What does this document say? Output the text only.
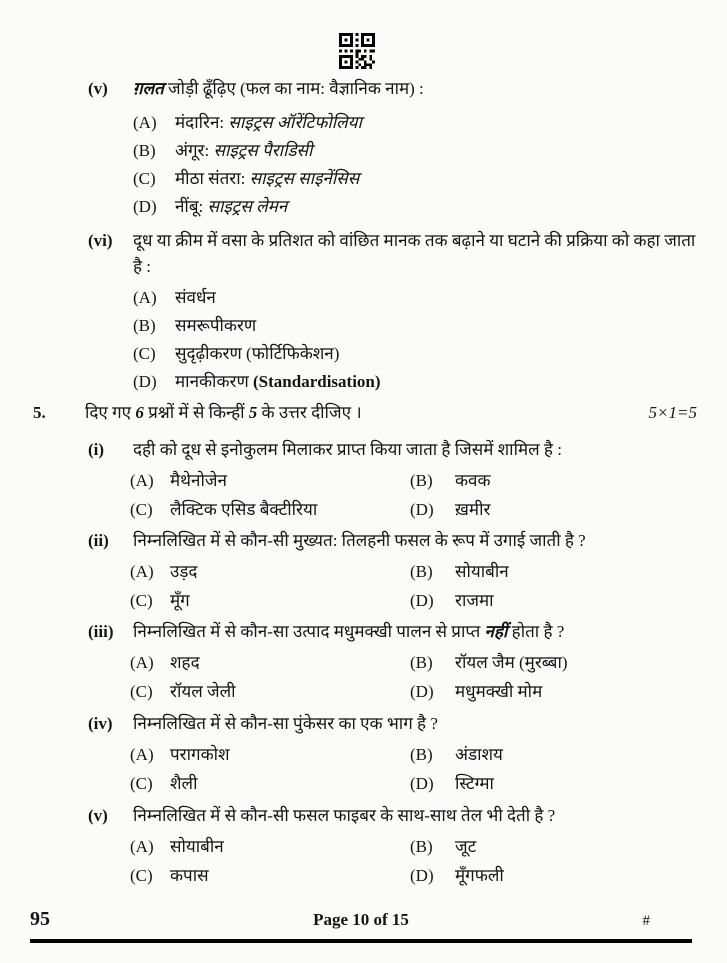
(v)	ग़लत जोड़ी ढूँढ़िए (फल का नाम: वैज्ञानिक नाम) :
(A)	मंदारिन: साइट्रस ऑरेंटिफोलिया
(B)	अंगूर: साइट्रस पैराडिसी
(C)	मीठा संतरा: साइट्रस साइनेंसिस
(D)	नींबू: साइट्रस लेमन
(vi)	दूध या क्रीम में वसा के प्रतिशत को वांछित मानक तक बढ़ाने या घटाने की प्रक्रिया को कहा जाता है :
(A)	संवर्धन
(B)	समरूपीकरण
(C)	सुदृढ़ीकरण (फोर्टिफिकेशन)
(D)	मानकीकरण (Standardisation)
5.	दिए गए 6 प्रश्नों में से किन्हीं 5 के उत्तर दीजिए ।	5×1=5
(i)	दही को दूध से इनोकुलम मिलाकर प्राप्त किया जाता है जिसमें शामिल है :
(A) मैथेनोजेन	(B)	कवक
(C)	लैक्टिक एसिड बैक्टीरिया	(D)	ख़मीर
(ii)	निम्नलिखित में से कौन-सी मुख्यत: तिलहनी फसल के रूप में उगाई जाती है ?
(A) उड़द	(B)	सोयाबीन
(C)	मूँग	(D)	राजमा
(iii)	निम्नलिखित में से कौन-सा उत्पाद मधुमक्खी पालन से प्राप्त नहीं होता है ?
(A) शहद	(B)	रॉयल जैम (मुरब्बा)
(C)	रॉयल जेली	(D)	मधुमक्खी मोम
(iv)	निम्नलिखित में से कौन-सा पुंकेसर का एक भाग है ?
(A) परागकोश	(B)	अंडाशय
(C)	शैली	(D)	स्टिग्मा
(v)	निम्नलिखित में से कौन-सी फसल फाइबर के साथ-साथ तेल भी देती है ?
(A) सोयाबीन	(B)	जूट
(C)	कपास	(D)	मूँगफली
95	Page 10 of 15	#
